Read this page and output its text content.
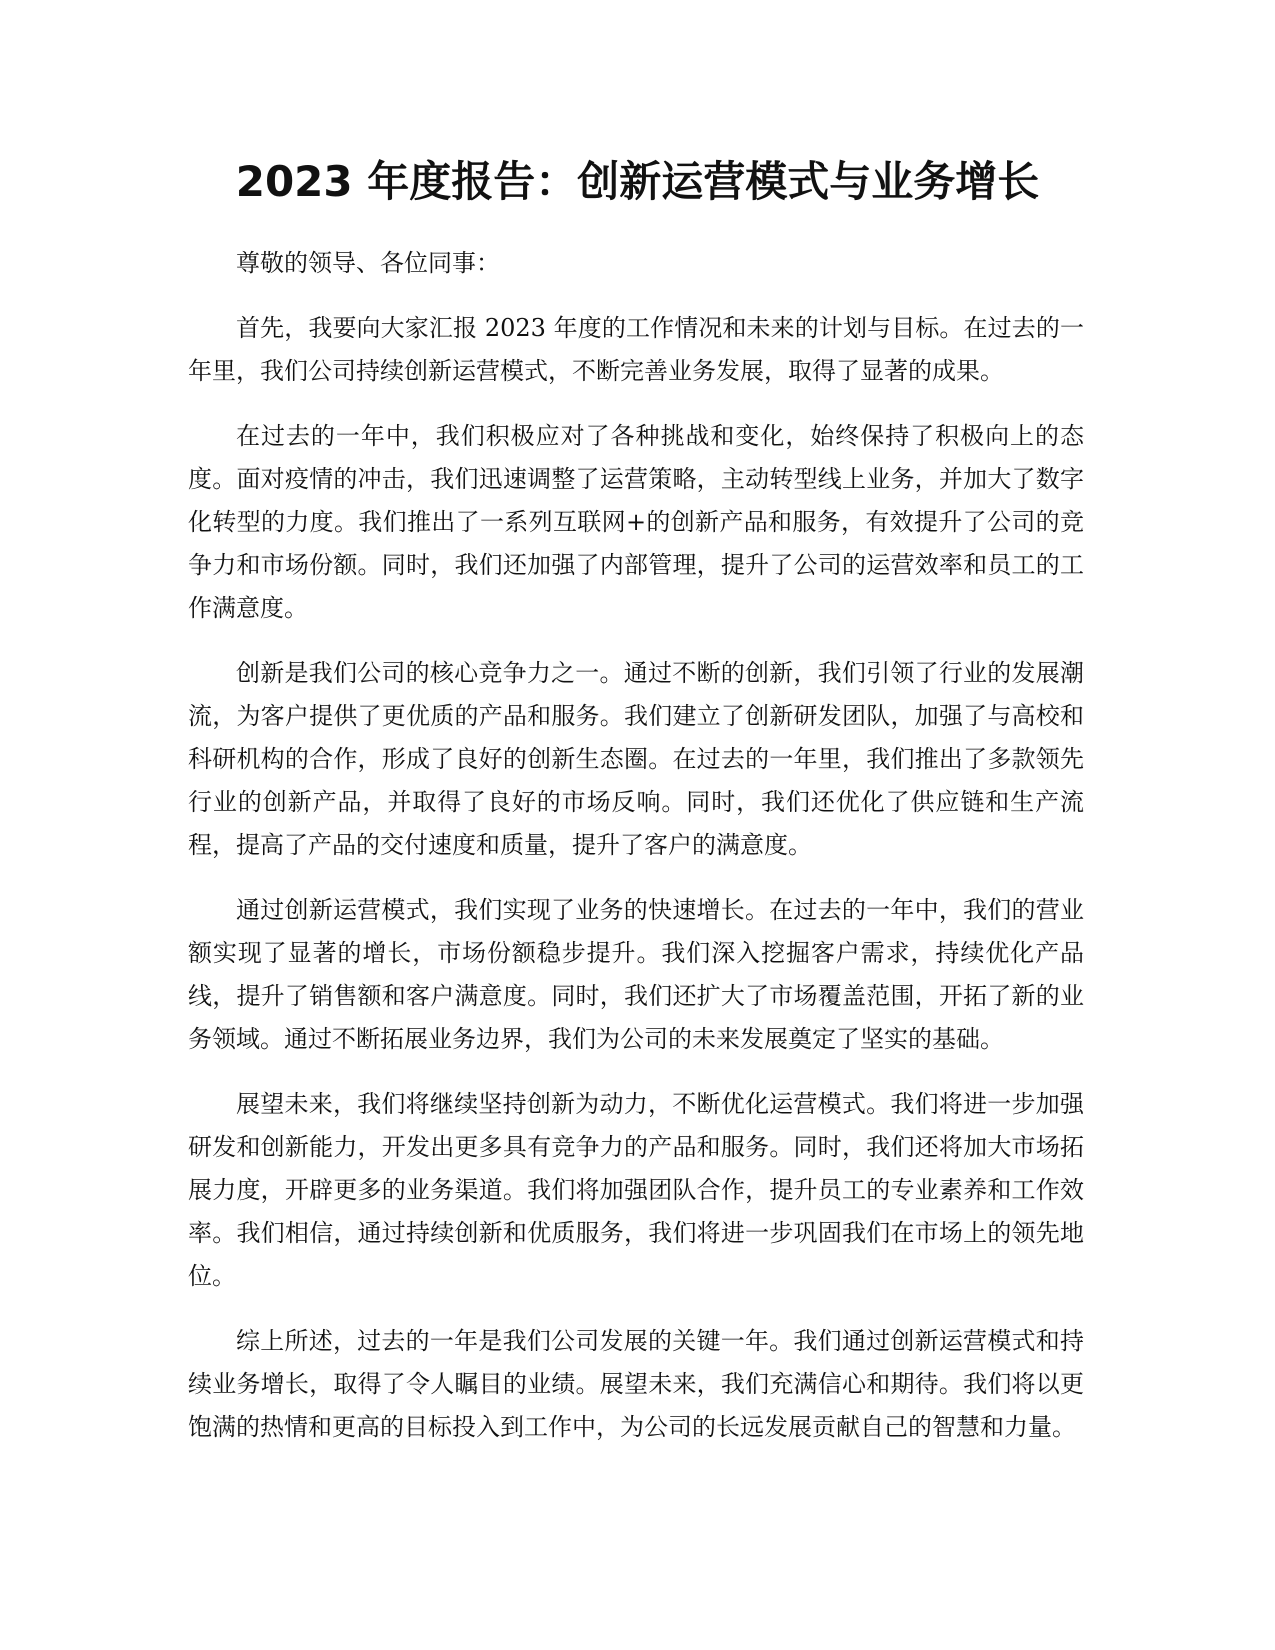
2023 年度报告：创新运营模式与业务增长

尊敬的领导、各位同事：

首先，我要向大家汇报 2023 年度的工作情况和未来的计划与目标。在过去的一年里，我们公司持续创新运营模式，不断完善业务发展，取得了显著的成果。

在过去的一年中，我们积极应对了各种挑战和变化，始终保持了积极向上的态度。面对疫情的冲击，我们迅速调整了运营策略，主动转型线上业务，并加大了数字化转型的力度。我们推出了一系列互联网+的创新产品和服务，有效提升了公司的竞争力和市场份额。同时，我们还加强了内部管理，提升了公司的运营效率和员工的工作满意度。

创新是我们公司的核心竞争力之一。通过不断的创新，我们引领了行业的发展潮流，为客户提供了更优质的产品和服务。我们建立了创新研发团队，加强了与高校和科研机构的合作，形成了良好的创新生态圈。在过去的一年里，我们推出了多款领先行业的创新产品，并取得了良好的市场反响。同时，我们还优化了供应链和生产流程，提高了产品的交付速度和质量，提升了客户的满意度。

通过创新运营模式，我们实现了业务的快速增长。在过去的一年中，我们的营业额实现了显著的增长，市场份额稳步提升。我们深入挖掘客户需求，持续优化产品线，提升了销售额和客户满意度。同时，我们还扩大了市场覆盖范围，开拓了新的业务领域。通过不断拓展业务边界，我们为公司的未来发展奠定了坚实的基础。

展望未来，我们将继续坚持创新为动力，不断优化运营模式。我们将进一步加强研发和创新能力，开发出更多具有竞争力的产品和服务。同时，我们还将加大市场拓展力度，开辟更多的业务渠道。我们将加强团队合作，提升员工的专业素养和工作效率。我们相信，通过持续创新和优质服务，我们将进一步巩固我们在市场上的领先地位。

综上所述，过去的一年是我们公司发展的关键一年。我们通过创新运营模式和持续业务增长，取得了令人瞩目的业绩。展望未来，我们充满信心和期待。我们将以更饱满的热情和更高的目标投入到工作中，为公司的长远发展贡献自己的智慧和力量。
